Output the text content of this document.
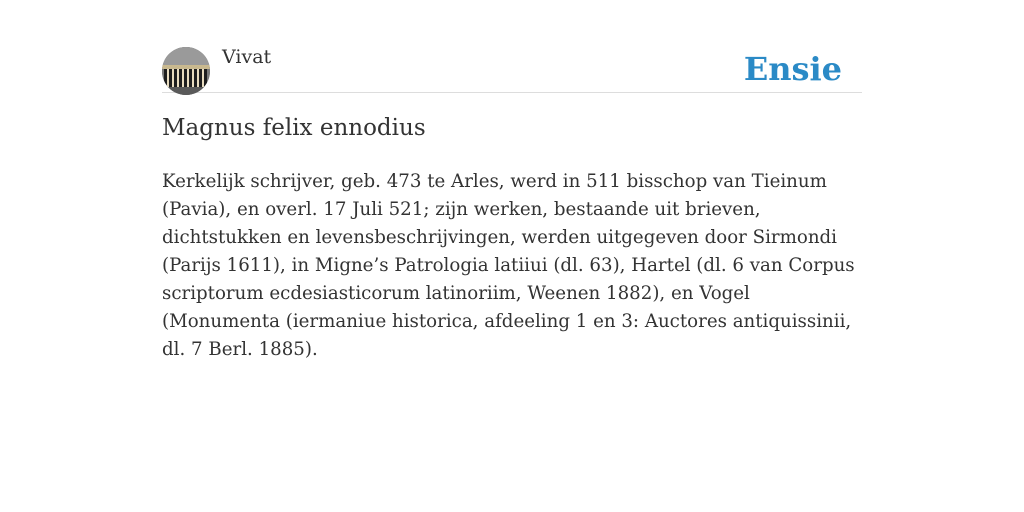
Vivat	Ensie
Magnus felix ennodius

Kerkelijk schrijver, geb. 473 te Arles, werd in 511 bisschop van Tieinum (Pavia), en overl. 17 Juli 521; zijn werken, bestaande uit brieven, dichtstukken en levensbeschrijvingen, werden uitgegeven door Sirmondi (Parijs 1611), in Migne’s Patrologia latiiui (dl. 63), Hartel (dl. 6 van Corpus scriptorum ecdesiasticorum latinoriim, Weenen 1882), en Vogel (Monumenta (iermaniue historica, afdeeling 1 en 3: Auctores antiquissinii, dl. 7 Berl. 1885).
